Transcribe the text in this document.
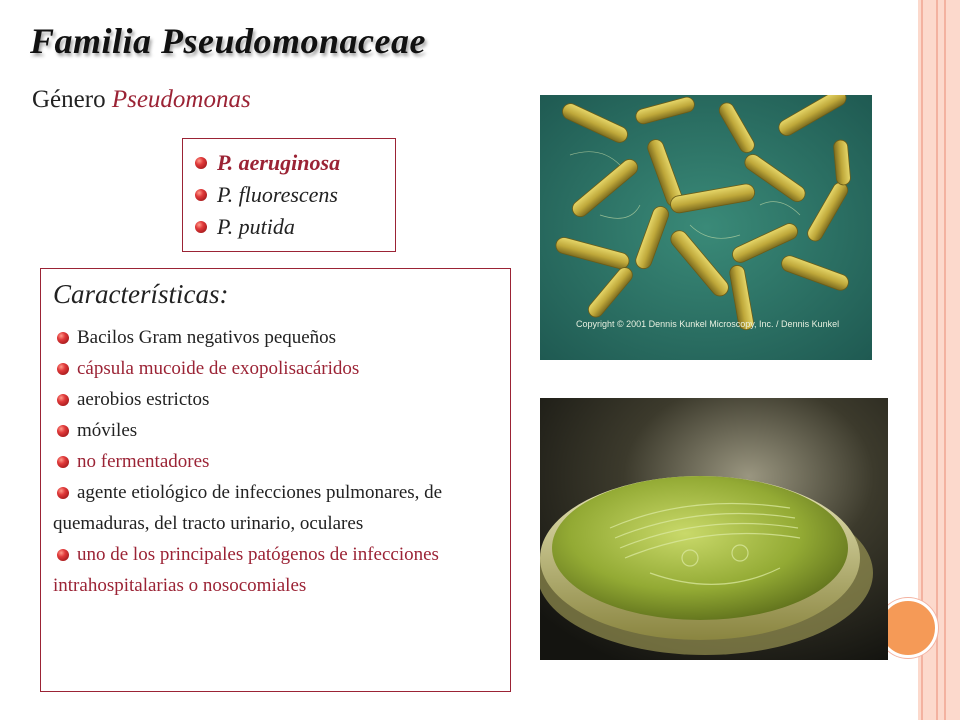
Familia Pseudomonaceae
Género Pseudomonas
P. aeruginosa
P. fluorescens
P. putida
Características:
Bacilos Gram negativos pequeños
cápsula mucoide de exopolisacáridos
aerobios estrictos
móviles
no fermentadores
agente etiológico de infecciones pulmonares, de quemaduras, del tracto urinario, oculares
uno de los principales patógenos de infecciones intrahospitalarias o nosocomiales
Copyright © 2001 Dennis Kunkel Microscopy, Inc. / Dennis Kunkel
